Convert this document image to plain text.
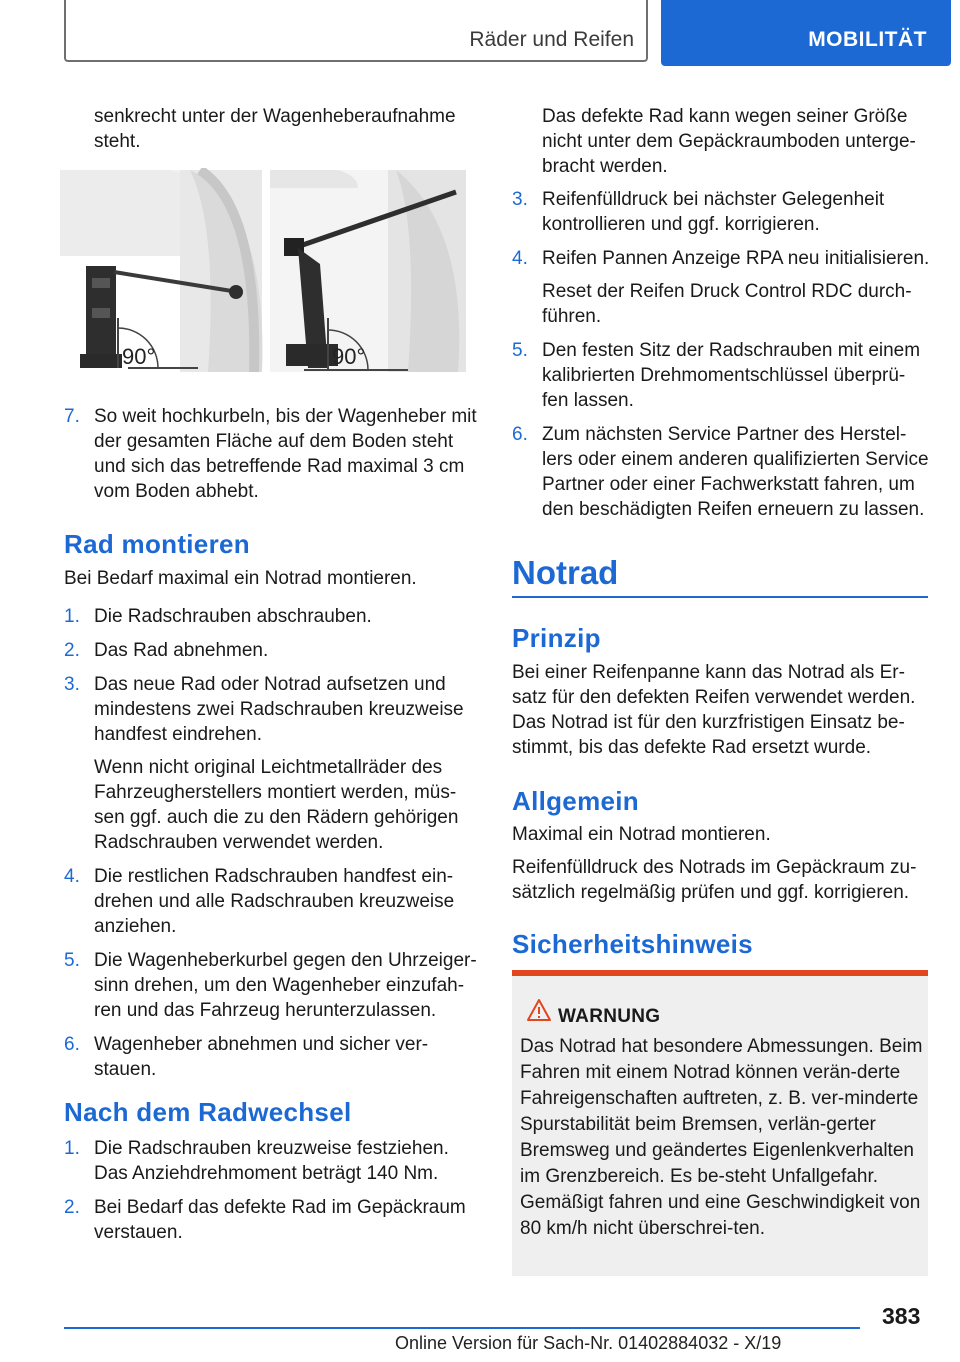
Räder und Reifen	MOBILITÄT

senkrecht unter der Wagenheberaufnahme steht.

90°	90°
7. So weit hochkurbeln, bis der Wagenheber mit der gesamten Fläche auf dem Boden steht und sich das betreffende Rad maximal 3 cm vom Boden abhebt.
Rad montieren

Bei Bedarf maximal ein Notrad montieren.

1. Die Radschrauben abschrauben.
2. Das Rad abnehmen.
3. Das neue Rad oder Notrad aufsetzen und mindestens zwei Radschrauben kreuzweise handfest eindrehen.
Wenn nicht original Leichtmetallräder des Fahrzeugherstellers montiert werden, müs-sen ggf. auch die zu den Rädern gehörigen Radschrauben verwendet werden.
4. Die restlichen Radschrauben handfest ein-drehen und alle Radschrauben kreuzweise anziehen.
5. Die Wagenheberkurbel gegen den Uhrzeiger-sinn drehen, um den Wagenheber einzufah-ren und das Fahrzeug herunterzulassen.
6. Wagenheber abnehmen und sicher ver-stauen.
Nach dem Radwechsel
1. Die Radschrauben kreuzweise festziehen. Das Anziehdrehmoment beträgt 140 Nm.
2. Bei Bedarf das defekte Rad im Gepäckraum verstauen.

Das defekte Rad kann wegen seiner Größe nicht unter dem Gepäckraumboden unterge-bracht werden.

3. Reifenfülldruck bei nächster Gelegenheit kontrollieren und ggf. korrigieren.
4. Reifen Pannen Anzeige RPA neu initialisieren.
Reset der Reifen Druck Control RDC durch-führen.
5. Den festen Sitz der Radschrauben mit einem kalibrierten Drehmomentschlüssel überprü-fen lassen.
6. Zum nächsten Service Partner des Herstel-lers oder einem anderen qualifizierten Service Partner oder einer Fachwerkstatt fahren, um den beschädigten Reifen erneuern zu lassen.
Notrad
Prinzip

Bei einer Reifenpanne kann das Notrad als Er-satz für den defekten Reifen verwendet werden. Das Notrad ist für den kurzfristigen Einsatz be-stimmt, bis das defekte Rad ersetzt wurde.

Allgemein

Maximal ein Notrad montieren.

Reifenfülldruck des Notrads im Gepäckraum zu-sätzlich regelmäßig prüfen und ggf. korrigieren.

Sicherheitshinweis
WARNUNG

Das Notrad hat besondere Abmessungen. Beim Fahren mit einem Notrad können verän-derte Fahreigenschaften auftreten, z. B. ver-minderte Spurstabilität beim Bremsen, verlän-gerter Bremsweg und geändertes Eigenlenkverhalten im Grenzbereich. Es be-steht Unfallgefahr. Gemäßigt fahren und eine Geschwindigkeit von 80 km/h nicht überschrei-ten.

383
Online Version für Sach-Nr. 01402884032 - X/19
